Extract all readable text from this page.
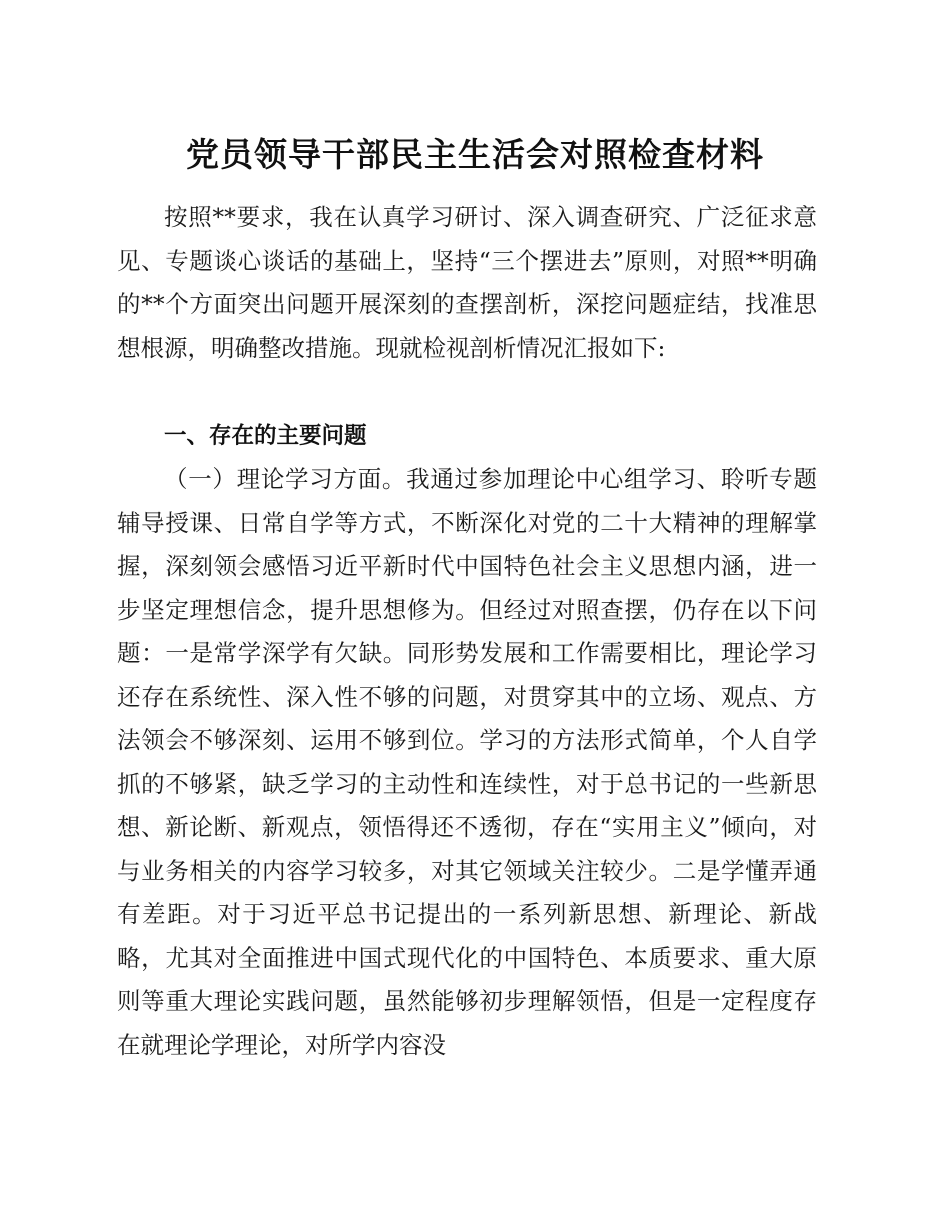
党员领导干部民主生活会对照检查材料

按照**要求，我在认真学习研讨、深入调查研究、广泛征求意见、专题谈心谈话的基础上，坚持“三个摆进去”原则，对照**明确的**个方面突出问题开展深刻的查摆剖析，深挖问题症结，找准思想根源，明确整改措施。现就检视剖析情况汇报如下:

一、存在的主要问题

（一）理论学习方面。我通过参加理论中心组学习、聆听专题辅导授课、日常自学等方式，不断深化对党的二十大精神的理解掌握，深刻领会感悟习近平新时代中国特色社会主义思想内涵，进一步坚定理想信念，提升思想修为。但经过对照查摆，仍存在以下问题：一是常学深学有欠缺。同形势发展和工作需要相比，理论学习还存在系统性、深入性不够的问题，对贯穿其中的立场、观点、方法领会不够深刻、运用不够到位。学习的方法形式简单，个人自学抓的不够紧，缺乏学习的主动性和连续性，对于总书记的一些新思想、新论断、新观点，领悟得还不透彻，存在“实用主义”倾向，对与业务相关的内容学习较多，对其它领域关注较少。二是学懂弄通有差距。对于习近平总书记提出的一系列新思想、新理论、新战略，尤其对全面推进中国式现代化的中国特色、本质要求、重大原则等重大理论实践问题，虽然能够初步理解领悟，但是一定程度存在就理论学理论，对所学内容没
